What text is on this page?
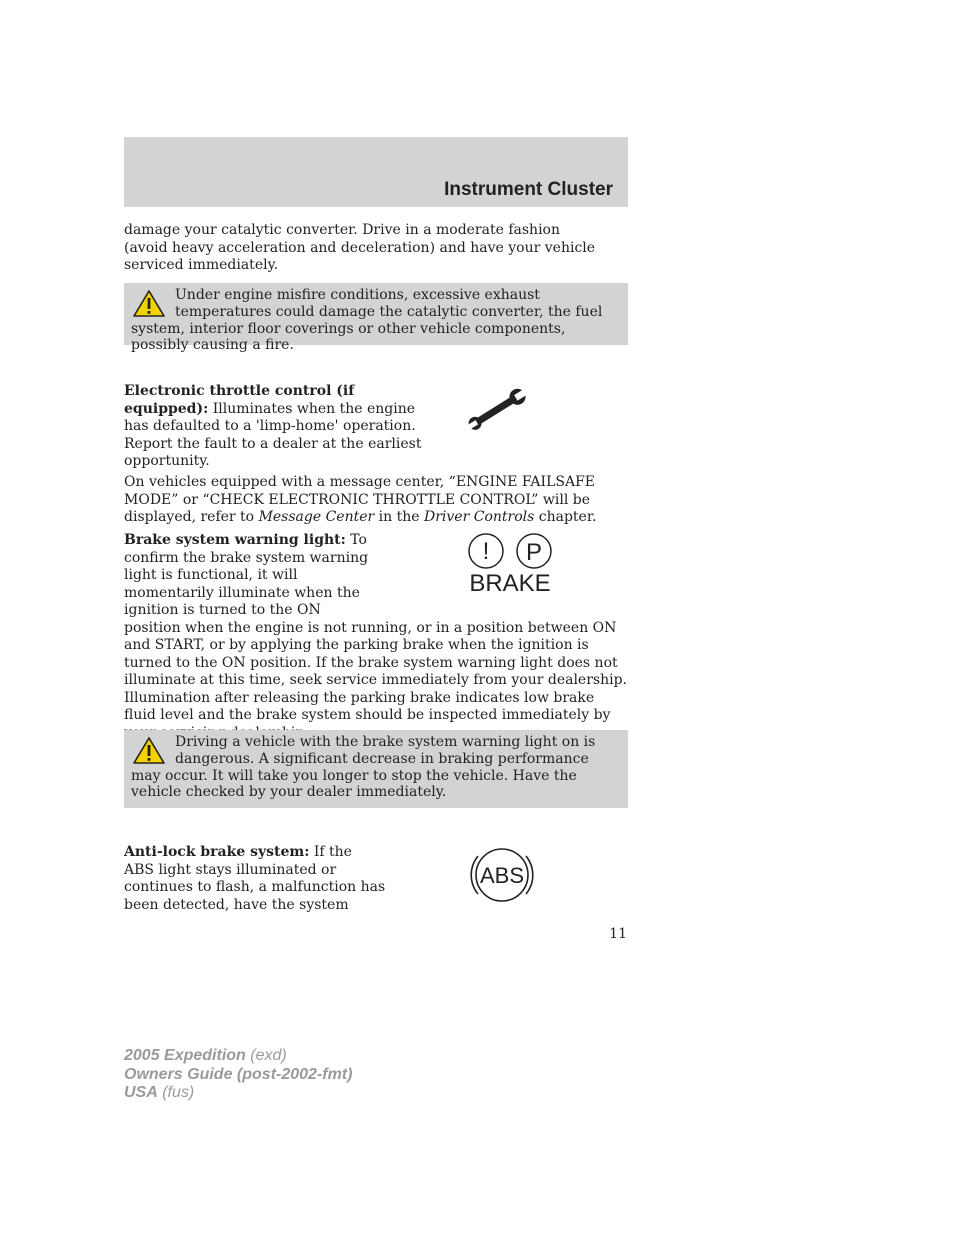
Instrument Cluster

damage your catalytic converter. Drive in a moderate fashion (avoid heavy acceleration and deceleration) and have your vehicle serviced immediately.

Under engine misfire conditions, excessive exhaust temperatures could damage the catalytic converter, the fuel system, interior floor coverings or other vehicle components, possibly causing a fire.

Electronic throttle control (if equipped): Illuminates when the engine has defaulted to a 'limp-home' operation. Report the fault to a dealer at the earliest opportunity.

On vehicles equipped with a message center, “ENGINE FAILSAFE MODE” or “CHECK ELECTRONIC THROTTLE CONTROL” will be displayed, refer to Message Center in the Driver Controls chapter.

Brake system warning light: To confirm the brake system warning light is functional, it will momentarily illuminate when the ignition is turned to the ON position when the engine is not running, or in a position between ON and START, or by applying the parking brake when the ignition is turned to the ON position. If the brake system warning light does not illuminate at this time, seek service immediately from your dealership. Illumination after releasing the parking brake indicates low brake fluid level and the brake system should be inspected immediately by

! P
BRAKE

Driving a vehicle with the brake system warning light on is dangerous. A significant decrease in braking performance may occur. It will take you longer to stop the vehicle. Have the vehicle checked by your dealer immediately.

Anti-lock brake system: If the ABS light stays illuminated or continues to flash, a malfunction has been detected, have the system

ABS

11

2005 Expedition (exd)
Owners Guide (post-2002-fmt)
USA (fus)
